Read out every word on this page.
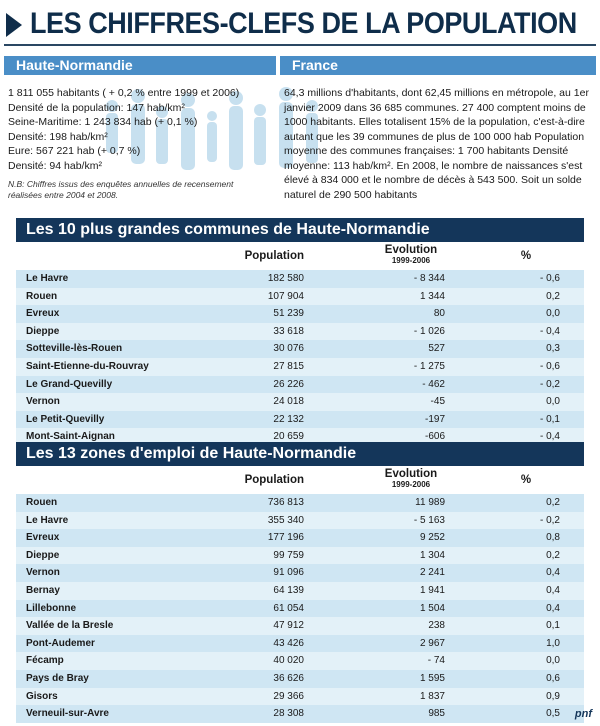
LES CHIFFRES-CLEFS DE LA POPULATION
Haute-Normandie	France
1 811 055 habitants ( + 0,2 % entre 1999 et 2006)
Densité de la population: 147 hab/km²
Seine-Maritime: 1 243 834 hab (+ 0,1 %)
Densité: 198 hab/km²
Eure: 567 221 hab (+ 0,7 %)
Densité: 94 hab/km²
N.B: Chiffres issus des enquêtes annuelles de recensement réalisées entre 2004 et 2008.
64,3 millions d'habitants, dont 62,45 millions en métropole, au 1er janvier 2009 dans 36 685 communes. 27 400 comptent moins de 1000 habitants. Elles totalisent 15% de la population, c'est-à-dire autant que les 39 communes de plus de 100 000 hab Population moyenne des communes françaises: 1 700 habitants Densité moyenne: 113 hab/km². En 2008, le nombre de naissances s'est élevé à 834 000 et le nombre de décès à 543 500. Soit un solde naturel de 290 500 habitants
Les 10 plus grandes communes de Haute-Normandie
Population	Evolution
1999-2006	%
Le Havre	182 580	- 8 344	- 0,6
Rouen	107 904	1 344	0,2
Evreux	51 239	80	0,0
Dieppe	33 618	- 1 026	- 0,4
Sotteville-lès-Rouen	30 076	527	0,3
Saint-Etienne-du-Rouvray	27 815	- 1 275	- 0,6
Le Grand-Quevilly	26 226	- 462	- 0,2
Vernon	24 018	-45	0,0
Le Petit-Quevilly	22 132	-197	- 0,1
Mont-Saint-Aignan	20 659	-606	- 0,4
Les 13 zones d'emploi de Haute-Normandie
Population	Evolution
1999-2006	%
Rouen	736 813	11 989	0,2
Le Havre	355 340	- 5 163	- 0,2
Evreux	177 196	9 252	0,8
Dieppe	99 759	1 304	0,2
Vernon	91 096	2 241	0,4
Bernay	64 139	1 941	0,4
Lillebonne	61 054	1 504	0,4
Vallée de la Bresle	47 912	238	0,1
Pont-Audemer	43 426	2 967	1,0
Fécamp	40 020	- 74	0,0
Pays de Bray	36 626	1 595	0,6
Gisors	29 366	1 837	0,9
Verneuil-sur-Avre	28 308	985	0,5 pnf
